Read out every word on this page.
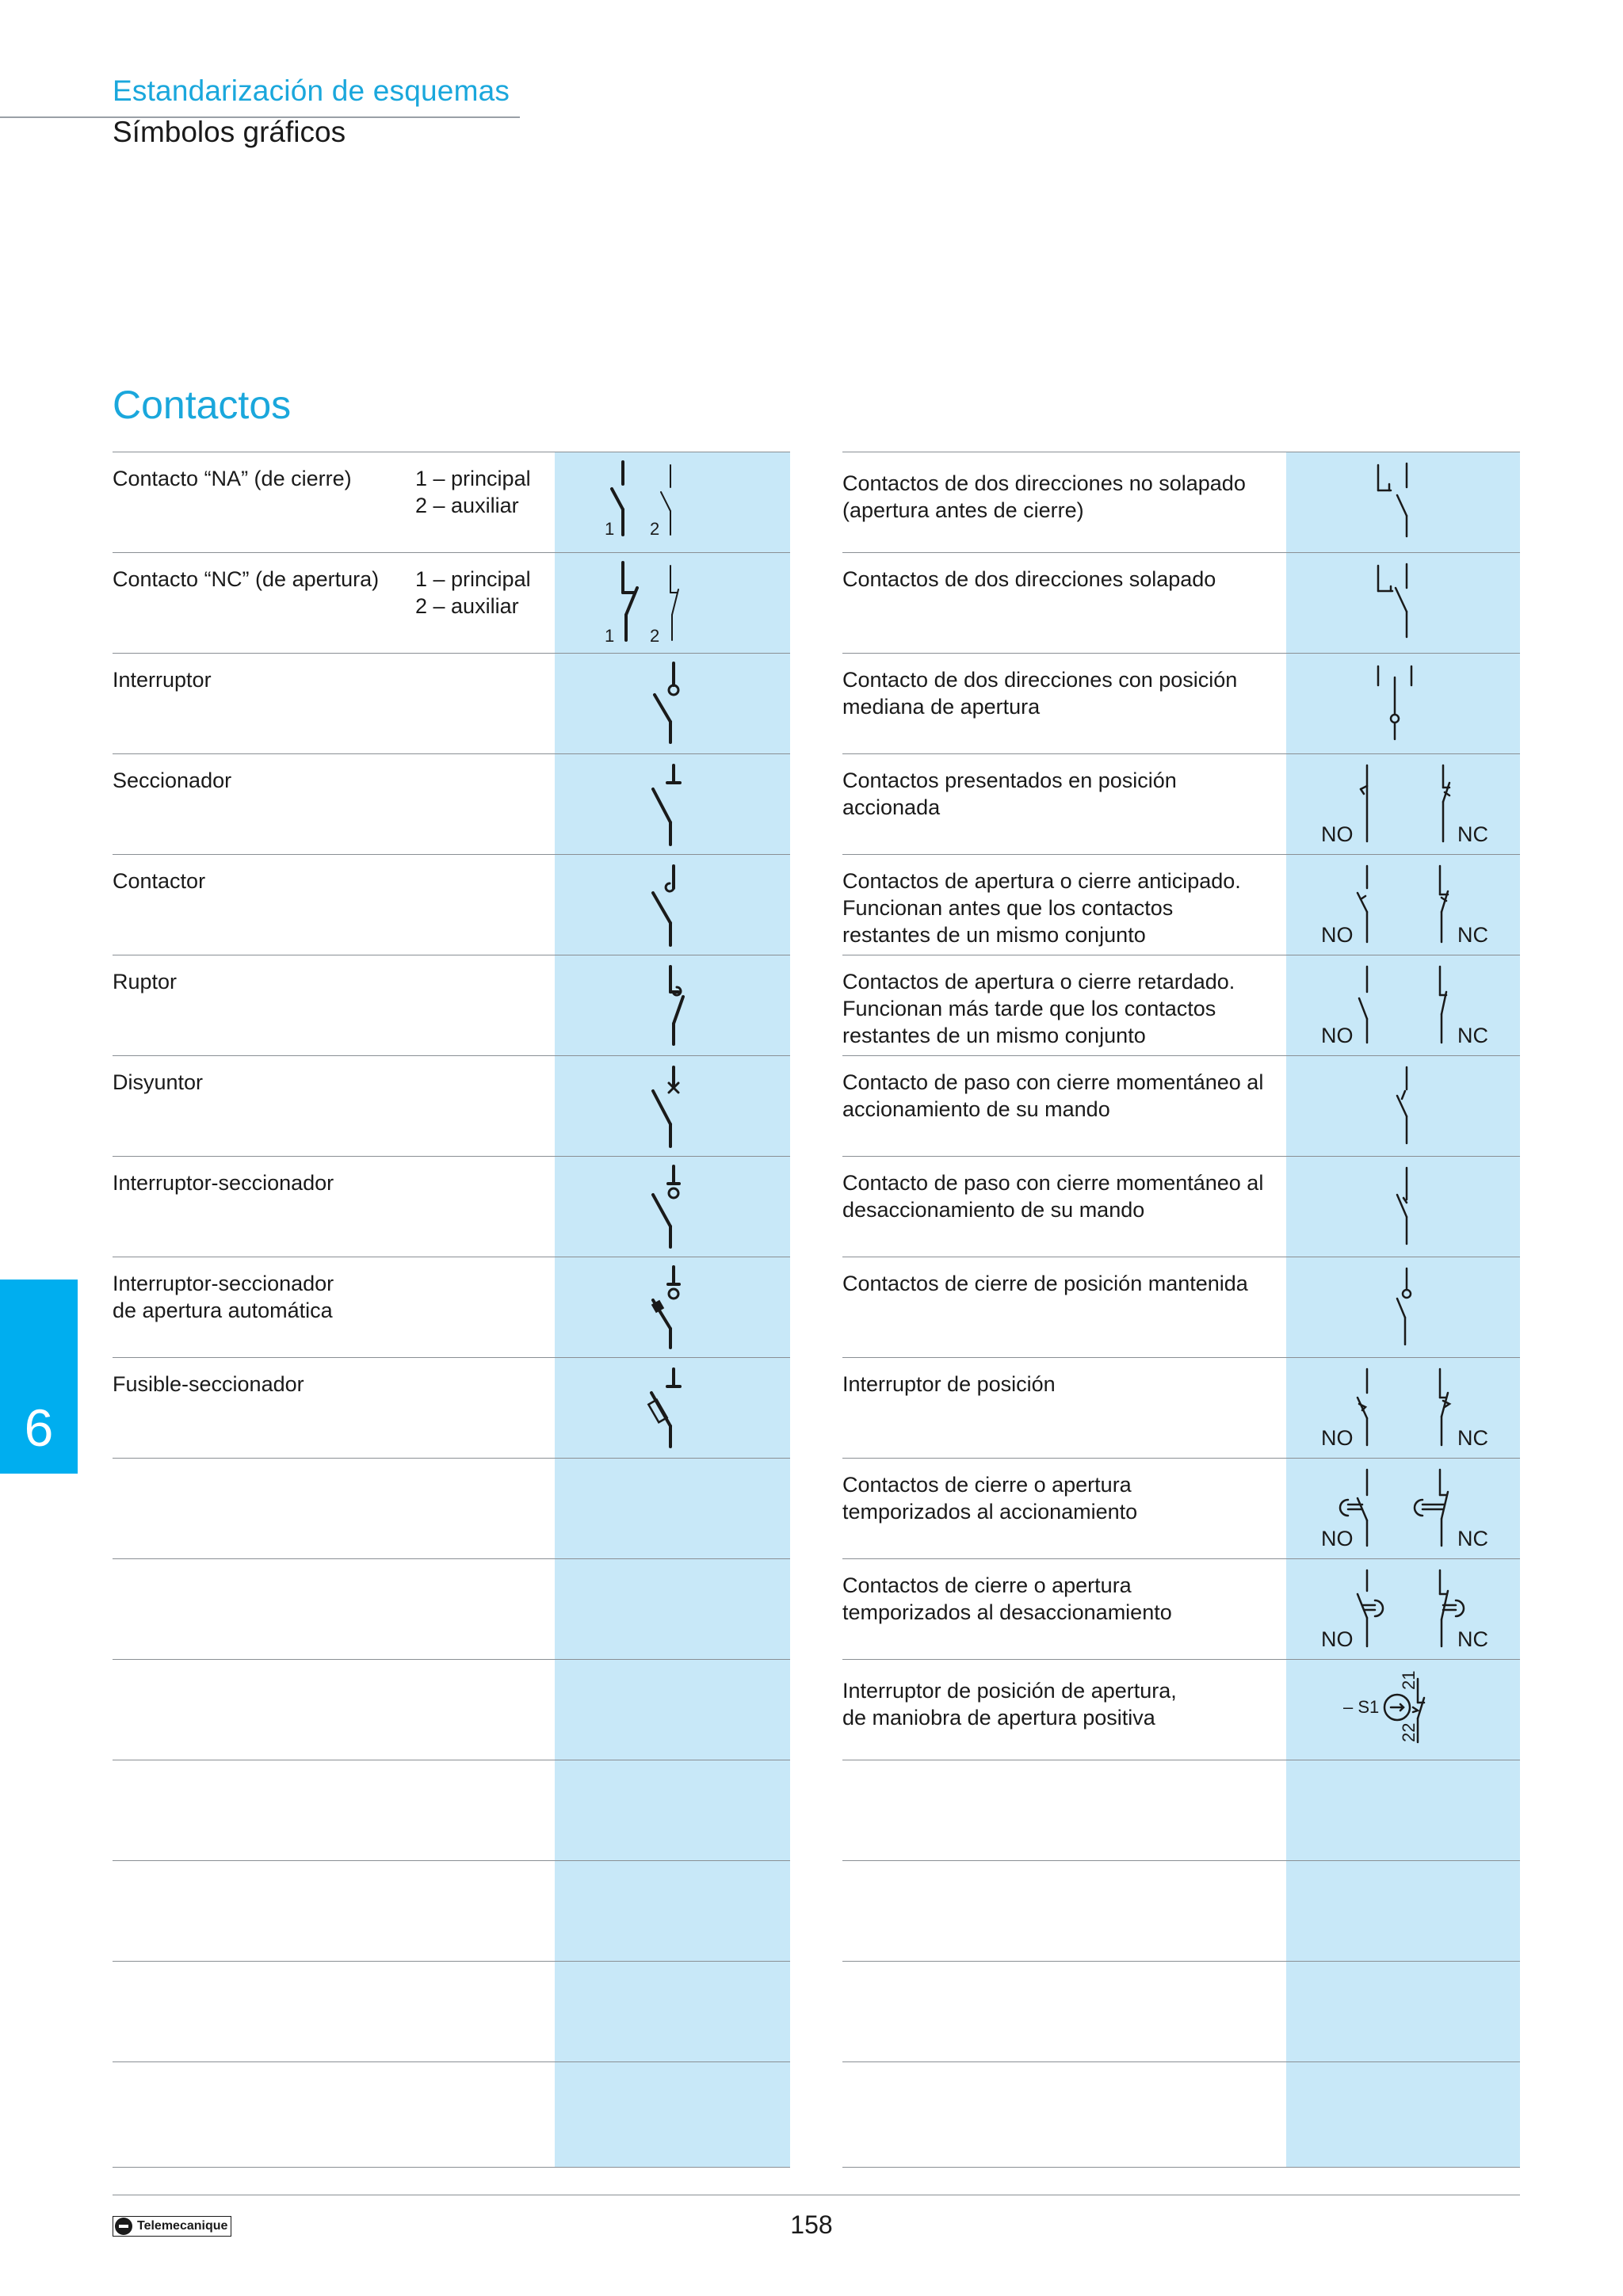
Estandarización de esquemas
Símbolos gráficos
Contactos
Contacto “NA” (de cierre)	1 – principal
2 – auxiliar
1 2
Contacto “NC” (de apertura)	1 – principal
2 – auxiliar
1 2
Interruptor
Seccionador
Contactor
Ruptor
Disyuntor
Interruptor-seccionador
Interruptor-seccionador
de apertura automática
Fusible-seccionador
Contactos de dos direcciones no solapado
(apertura antes de cierre)
Contactos de dos direcciones solapado
Contacto de dos direcciones con posición
mediana de apertura
Contactos presentados en posición
accionada
NO	NC
Contactos de apertura o cierre anticipado.
Funcionan antes que los contactos
restantes de un mismo conjunto	NO	NC
Contactos de apertura o cierre retardado.
Funcionan más tarde que los contactos
restantes de un mismo conjunto	NO	NC
Contacto de paso con cierre momentáneo al
accionamiento de su mando
Contacto de paso con cierre momentáneo al
desaccionamiento de su mando
Contactos de cierre de posición mantenida
Interruptor de posición
NO	NC
Contactos de cierre o apertura
temporizados al accionamiento
NO	NC
Contactos de cierre o apertura
temporizados al desaccionamiento
NO	NC
Interruptor de posición de apertura,
de maniobra de apertura positiva	– S1
21
22
6
Telemecanique	158
